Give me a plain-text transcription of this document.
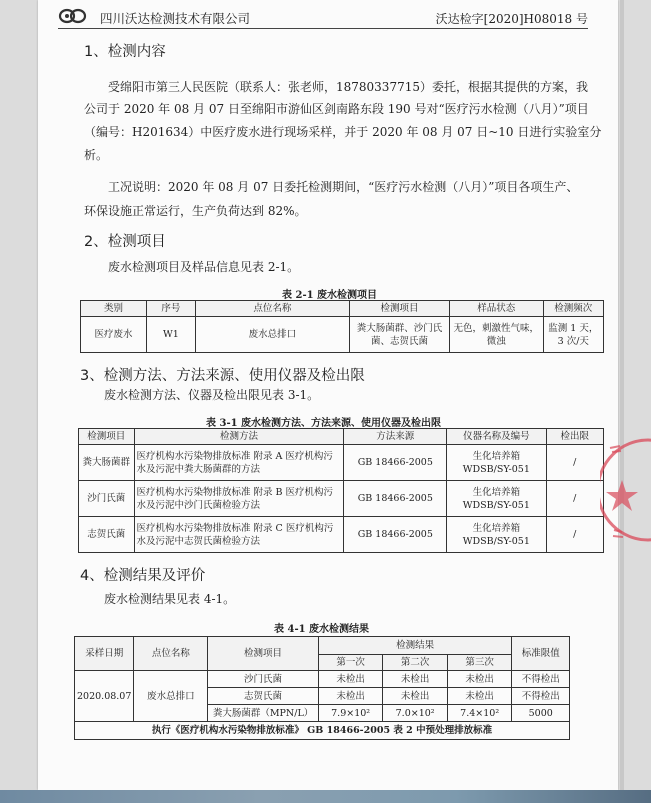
四川沃达检测技术有限公司	沃达检字[2020]H08018 号
1、检测内容
受绵阳市第三人民医院（联系人：张老师，18780337715）委托，根据其提供的方案，我
公司于 2020 年 08 月 07 日至绵阳市游仙区剑南路东段 190 号对“医疗污水检测（八月）”项目
（编号：H201634）中医疗废水进行现场采样，并于 2020 年 08 月 07 日~10 日进行实验室分
析。
工况说明：2020 年 08 月 07 日委托检测期间，“医疗污水检测（八月）”项目各项生产、
环保设施正常运行，生产负荷达到 82%。
2、检测项目
废水检测项目及样品信息见表 2-1。
表 2-1 废水检测项目
类别	序号	点位名称	检测项目	样品状态	检测频次
医疗废水	W1	废水总排口	粪大肠菌群、沙门氏菌、志贺氏菌	无色，刺激性气味，微浊	监测 1 天，3 次/天
3、检测方法、方法来源、使用仪器及检出限
废水检测方法、仪器及检出限见表 3-1。
表 3-1 废水检测方法、方法来源、使用仪器及检出限
检测项目	检测方法	方法来源	仪器名称及编号	检出限
粪大肠菌群	医疗机构水污染物排放标准 附录 A 医疗机构污水及污泥中粪大肠菌群的方法	GB 18466-2005	生化培养箱 WDSB/SY-051	/
沙门氏菌	医疗机构水污染物排放标准 附录 B 医疗机构污水及污泥中沙门氏菌检验方法	GB 18466-2005	生化培养箱 WDSB/SY-051	/
志贺氏菌	医疗机构水污染物排放标准 附录 C 医疗机构污水及污泥中志贺氏菌检验方法	GB 18466-2005	生化培养箱 WDSB/SY-051	/
4、检测结果及评价
废水检测结果见表 4-1。
表 4-1 废水检测结果
采样日期	点位名称	检测项目	检测结果			标准限值
			第一次	第二次	第三次	
2020.08.07	废水总排口	沙门氏菌	未检出	未检出	未检出	不得检出
		志贺氏菌	未检出	未检出	未检出	不得检出
		粪大肠菌群（MPN/L）	7.9×10²	7.0×10²	7.4×10²	5000
执行《医疗机构水污染物排放标准》 GB 18466-2005 表 2 中预处理排放标准						
